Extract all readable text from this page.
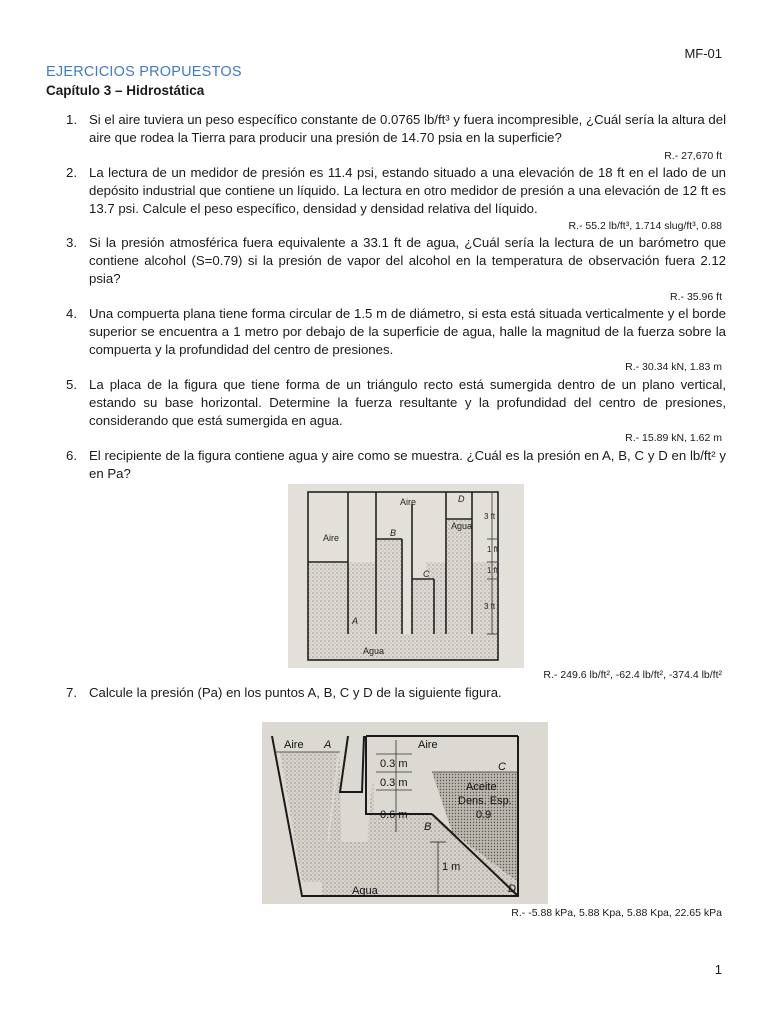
MF-01
EJERCICIOS PROPUESTOS
Capítulo 3 – Hidrostática
1. Si el aire tuviera un peso específico constante de 0.0765 lb/ft³ y fuera incompresible, ¿Cuál sería la altura del aire que rodea la Tierra para producir una presión de 14.70 psia en la superficie?
R.- 27,670 ft
2. La lectura de un medidor de presión es 11.4 psi, estando situado a una elevación de 18 ft en el lado de un depósito industrial que contiene un líquido. La lectura en otro medidor de presión a una elevación de 12 ft es 13.7 psi. Calcule el peso específico, densidad y densidad relativa del líquido.
R.- 55.2 lb/ft³, 1.714 slug/ft³, 0.88
3. Si la presión atmosférica fuera equivalente a 33.1 ft de agua, ¿Cuál sería la lectura de un barómetro que contiene alcohol (S=0.79) si la presión de vapor del alcohol en la temperatura de observación fuera 2.12 psia?
R.- 35.96 ft
4. Una compuerta plana tiene forma circular de 1.5 m de diámetro, si esta está situada verticalmente y el borde superior se encuentra a 1 metro por debajo de la superficie de agua, halle la magnitud de la fuerza sobre la compuerta y la profundidad del centro de presiones.
R.- 30.34 kN, 1.83 m
5. La placa de la figura que tiene forma de un triángulo recto está sumergida dentro de un plano vertical, estando su base horizontal. Determine la fuerza resultante y la profundidad del centro de presiones, considerando que está sumergida en agua.
R.- 15.89 kN, 1.62 m
6. El recipiente de la figura contiene agua y aire como se muestra. ¿Cuál es la presión en A, B, C y D en lb/ft² y en Pa?
Aire
Aire
Agua
Agua
A
B
C
D
3 ft
1 ft
1 ft
3 ft
R.- 249.6 lb/ft², -62.4 lb/ft², -374.4 lb/ft²
7. Calcule la presión (Pa) en los puntos A, B, C y D de la siguiente figura.
Aire A	Aire
0.3 m
0.3 m
0.6 m
B
C
D
Aceite
Dens. Esp.
0.9
1 m
Agua
R.- -5.88 kPa, 5.88 Kpa, 5.88 Kpa, 22.65 kPa
1
